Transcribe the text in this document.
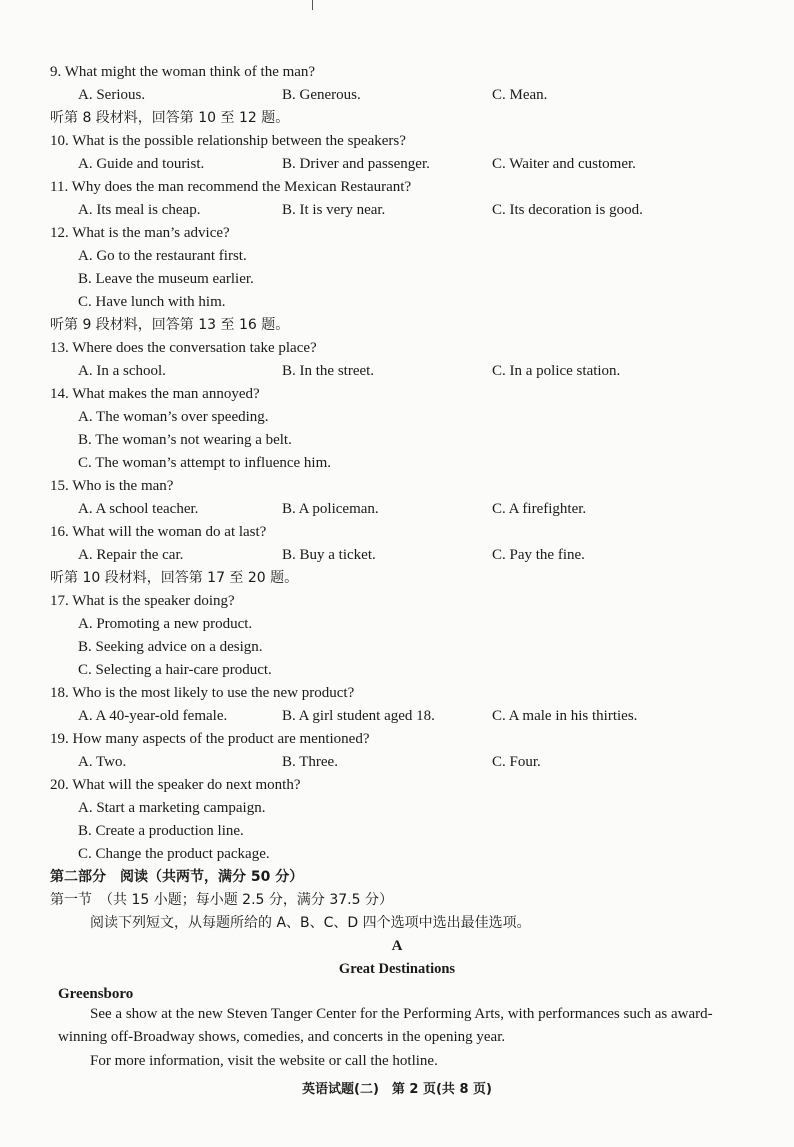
9. What might the woman think of the man?
A. Serious.	B. Generous.	C. Mean.
听第 8 段材料，回答第 10 至 12 题。
10. What is the possible relationship between the speakers?
A. Guide and tourist.	B. Driver and passenger.	C. Waiter and customer.
11. Why does the man recommend the Mexican Restaurant?
A. Its meal is cheap.	B. It is very near.	C. Its decoration is good.
12. What is the man’s advice?
A. Go to the restaurant first.
B. Leave the museum earlier.
C. Have lunch with him.
听第 9 段材料，回答第 13 至 16 题。
13. Where does the conversation take place?
A. In a school.	B. In the street.	C. In a police station.
14. What makes the man annoyed?
A. The woman’s over speeding.
B. The woman’s not wearing a belt.
C. The woman’s attempt to influence him.
15. Who is the man?
A. A school teacher.	B. A policeman.	C. A firefighter.
16. What will the woman do at last?
A. Repair the car.	B. Buy a ticket.	C. Pay the fine.
听第 10 段材料，回答第 17 至 20 题。
17. What is the speaker doing?
A. Promoting a new product.
B. Seeking advice on a design.
C. Selecting a hair-care product.
18. Who is the most likely to use the new product?
A. A 40-year-old female.	B. A girl student aged 18.	C. A male in his thirties.
19. How many aspects of the product are mentioned?
A. Two.	B. Three.	C. Four.
20. What will the speaker do next month?
A. Start a marketing campaign.
B. Create a production line.
C. Change the product package.
第二部分　阅读（共两节，满分 50 分）
第一节　（共 15 小题；每小题 2.5 分，满分 37.5 分）
阅读下列短文，从每题所给的 A、B、C、D 四个选项中选出最佳选项。
A
Great Destinations
Greensboro
See a show at the new Steven Tanger Center for the Performing Arts, with performances such as award-winning off-Broadway shows, comedies, and concerts in the opening year.
For more information, visit the website or call the hotline.
英语试题(二)　第 2 页(共 8 页)
